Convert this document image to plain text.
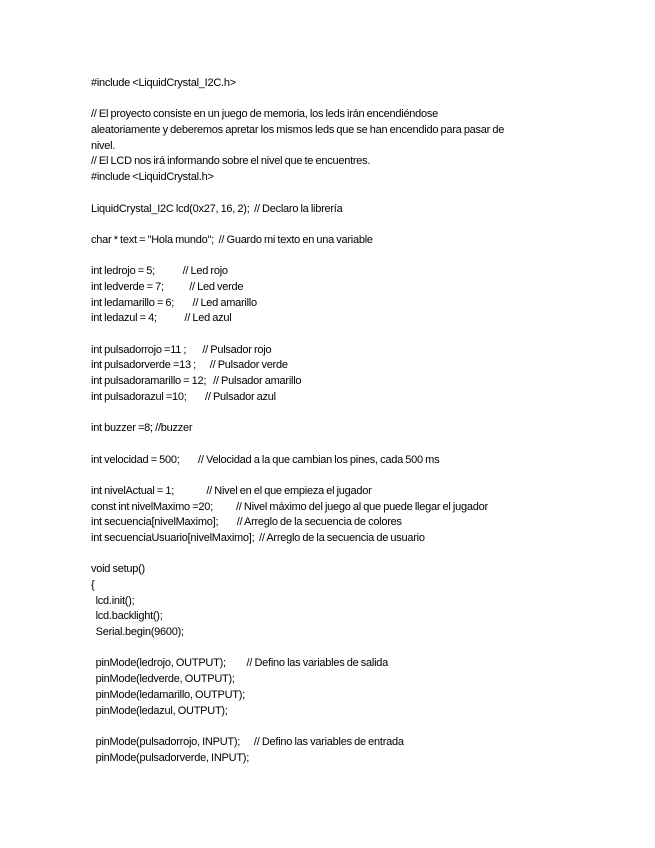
#include <LiquidCrystal_I2C.h>
// El proyecto consiste en un juego de memoria, los leds irán encendiéndose
aleatoriamente y deberemos apretar los mismos leds que se han encendido para pasar de
nivel.
// El LCD nos irá informando sobre el nivel que te encuentres.
#include <LiquidCrystal.h>
LiquidCrystal_I2C lcd(0x27, 16, 2);  // Declaro la librería
char * text = "Hola mundo";  // Guardo mi texto en una variable
int ledrojo = 5;            // Led rojo
int ledverde = 7;           // Led verde
int ledamarillo = 6;        // Led amarillo
int ledazul = 4;            // Led azul
int pulsadorrojo =11 ;       // Pulsador rojo
int pulsadorverde =13 ;      // Pulsador verde
int pulsadoramarillo = 12;   // Pulsador amarillo
int pulsadorazul =10;        // Pulsador azul
int buzzer =8; //buzzer
int velocidad = 500;        // Velocidad a la que cambian los pines, cada 500 ms
int nivelActual = 1;              // Nivel en el que empieza el jugador
const int nivelMaximo =20;          // Nivel máximo del juego al que puede llegar el jugador
int secuencia[nivelMaximo];        // Arreglo de la secuencia de colores
int secuenciaUsuario[nivelMaximo];  // Arreglo de la secuencia de usuario
void setup()
{
lcd.init();
lcd.backlight();
Serial.begin(9600);
pinMode(ledrojo, OUTPUT);         // Defino las variables de salida
pinMode(ledverde, OUTPUT);
pinMode(ledamarillo, OUTPUT);
pinMode(ledazul, OUTPUT);
pinMode(pulsadorrojo, INPUT);      // Defino las variables de entrada
pinMode(pulsadorverde, INPUT);
